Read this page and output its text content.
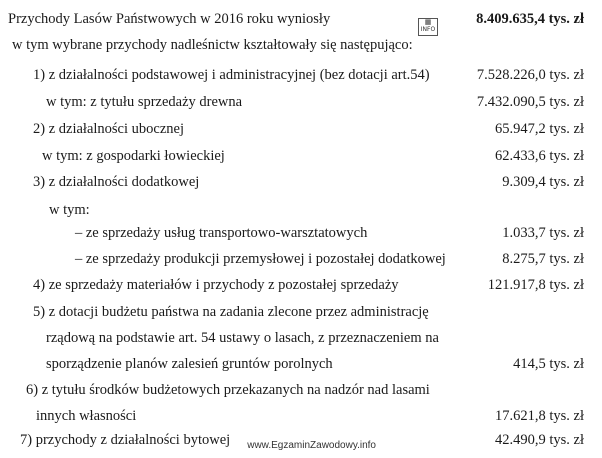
Przychody Lasów Państwowych w 2016 roku wyniosły	8.409.635,4 tys. zł
w tym wybrane przychody nadleśnictw kształtowały się następująco:
▦
INFO
1) z działalności podstawowej i administracyjnej (bez dotacji art.54)	7.528.226,0 tys. zł
w tym: z tytułu sprzedaży drewna	7.432.090,5 tys. zł
2) z działalności ubocznej	65.947,2 tys. zł
w tym: z gospodarki łowieckiej	62.433,6 tys. zł
3) z działalności dodatkowej	9.309,4 tys. zł
w tym:
– ze sprzedaży usług transportowo-warsztatowych	1.033,7 tys. zł
– ze sprzedaży produkcji przemysłowej i pozostałej dodatkowej	8.275,7 tys. zł
4) ze sprzedaży materiałów i przychody z pozostałej sprzedaży	121.917,8 tys. zł
5) z dotacji budżetu państwa na zadania zlecone przez administrację
rządową na podstawie art. 54 ustawy o lasach, z przeznaczeniem na
sporządzenie planów zalesień gruntów porolnych	414,5 tys. zł
6) z tytułu środków budżetowych przekazanych na nadzór nad lasami
innych własności	17.621,8 tys. zł
7) przychody z działalności bytowej	42.490,9 tys. zł
www.EgzaminZawodowy.info
